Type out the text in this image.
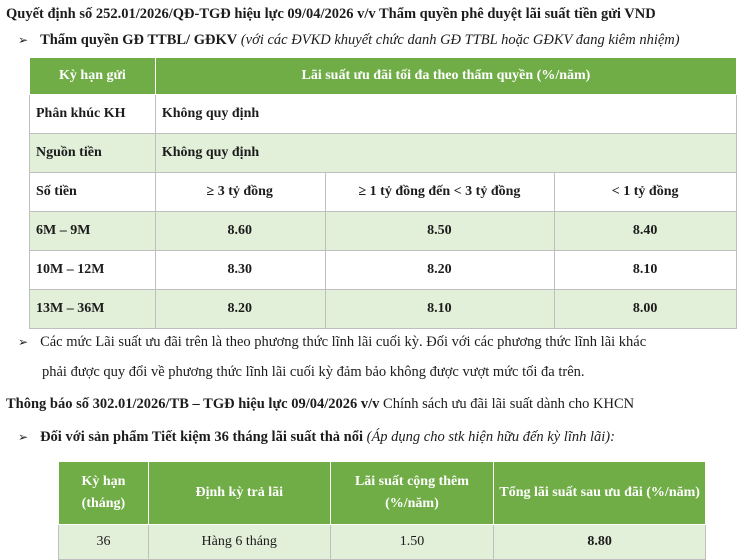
Quyết định số 252.01/2026/QĐ-TGĐ hiệu lực 09/04/2026 v/v Thẩm quyền phê duyệt lãi suất tiền gửi VND
➢ Thẩm quyền GĐ TTBL/ GĐKV (với các ĐVKD khuyết chức danh GĐ TTBL hoặc GĐKV đang kiêm nhiệm)
Kỳ hạn gửi	Lãi suất ưu đãi tối đa theo thẩm quyền (%/năm)		
Phân khúc KH	Không quy định		
Nguồn tiền	Không quy định		
Số tiền	≥ 3 tỷ đồng	≥ 1 tỷ đồng đến < 3 tỷ đồng	< 1 tỷ đồng
6M – 9M	8.60	8.50	8.40
10M – 12M	8.30	8.20	8.10
13M – 36M	8.20	8.10	8.00
➢ Các mức Lãi suất ưu đãi trên là theo phương thức lĩnh lãi cuối kỳ. Đối với các phương thức lĩnh lãi khác
phải được quy đổi về phương thức lĩnh lãi cuối kỳ đảm bảo không được vượt mức tối đa trên.
Thông báo số 302.01/2026/TB – TGĐ hiệu lực 09/04/2026 v/v Chính sách ưu đãi lãi suất dành cho KHCN
➢ Đối với sản phẩm Tiết kiệm 36 tháng lãi suất thả nổi (Áp dụng cho stk hiện hữu đến kỳ lĩnh lãi):
Kỳ hạn (tháng)	Định kỳ trả lãi	Lãi suất cộng thêm (%/năm)	Tổng lãi suất sau ưu đãi (%/năm)
36	Hàng 6 tháng	1.50	8.80
